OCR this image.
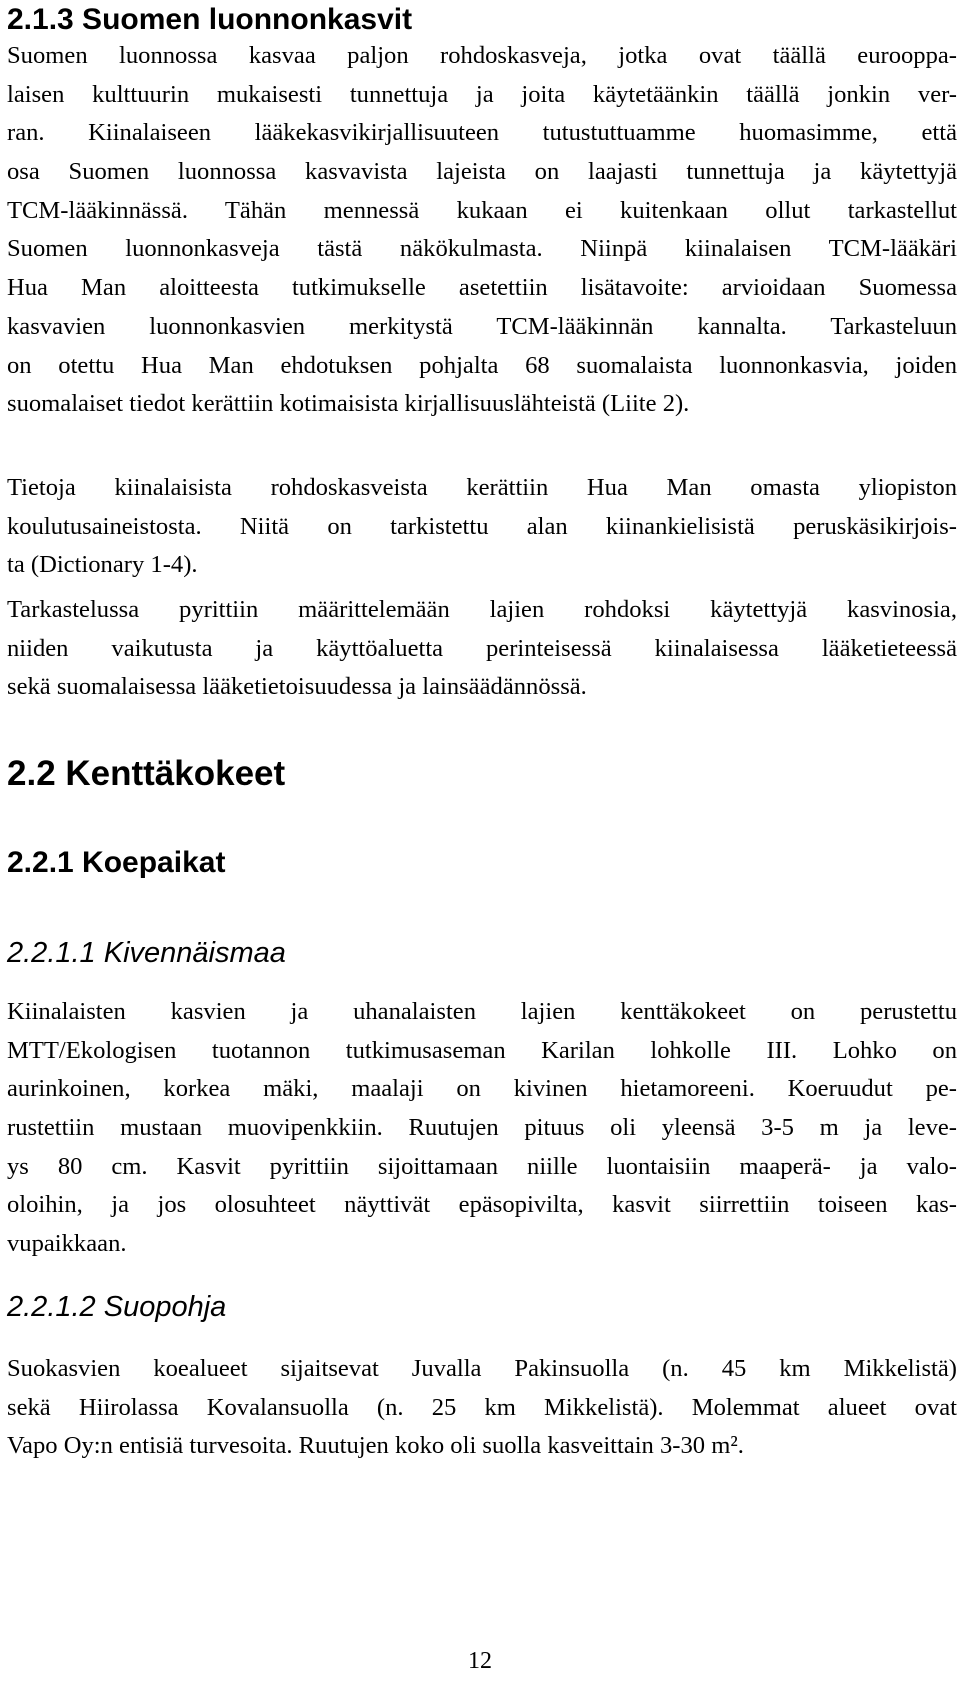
2.1.3 Suomen luonnonkasvit
Suomen luonnossa kasvaa paljon rohdoskasveja, jotka ovat täällä eurooppa-
laisen kulttuurin mukaisesti tunnettuja ja joita käytetäänkin täällä jonkin ver-
ran. Kiinalaiseen lääkekasvikirjallisuuteen tutustuttuamme huomasimme, että
osa Suomen luonnossa kasvavista lajeista on laajasti tunnettuja ja käytettyjä
TCM-lääkinnässä. Tähän mennessä kukaan ei kuitenkaan ollut tarkastellut
Suomen luonnonkasveja tästä näkökulmasta. Niinpä kiinalaisen TCM-lääkäri
Hua Man aloitteesta tutkimukselle asetettiin lisätavoite: arvioidaan Suomessa
kasvavien luonnonkasvien merkitystä TCM-lääkinnän kannalta. Tarkasteluun
on otettu Hua Man ehdotuksen pohjalta 68 suomalaista luonnonkasvia, joiden
suomalaiset tiedot kerättiin kotimaisista kirjallisuuslähteistä (Liite 2).
Tietoja kiinalaisista rohdoskasveista kerättiin Hua Man omasta yliopiston
koulutusaineistosta. Niitä on tarkistettu alan kiinankielisistä peruskäsikirjois-
ta (Dictionary 1-4).
Tarkastelussa pyrittiin määrittelemään lajien rohdoksi käytettyjä kasvinosia,
niiden vaikutusta ja käyttöaluetta perinteisessä kiinalaisessa lääketieteessä
sekä suomalaisessa lääketietoisuudessa ja lainsäädännössä.
2.2 Kenttäkokeet
2.2.1 Koepaikat
2.2.1.1 Kivennäismaa
Kiinalaisten kasvien ja uhanalaisten lajien kenttäkokeet on perustettu
MTT/Ekologisen tuotannon tutkimusaseman Karilan lohkolle III. Lohko on
aurinkoinen, korkea mäki, maalaji on kivinen hietamoreeni. Koeruudut pe-
rustettiin mustaan muovipenkkiin. Ruutujen pituus oli yleensä 3-5 m ja leve-
ys 80 cm. Kasvit pyrittiin sijoittamaan niille luontaisiin maaperä- ja valo-
oloihin, ja jos olosuhteet näyttivät epäsopivilta, kasvit siirrettiin toiseen kas-
vupaikkaan.
2.2.1.2 Suopohja
Suokasvien koealueet sijaitsevat Juvalla Pakinsuolla (n. 45 km Mikkelistä)
sekä Hiirolassa Kovalansuolla (n. 25 km Mikkelistä). Molemmat alueet ovat
Vapo Oy:n entisiä turvesoita. Ruutujen koko oli suolla kasveittain 3-30 m².
12
